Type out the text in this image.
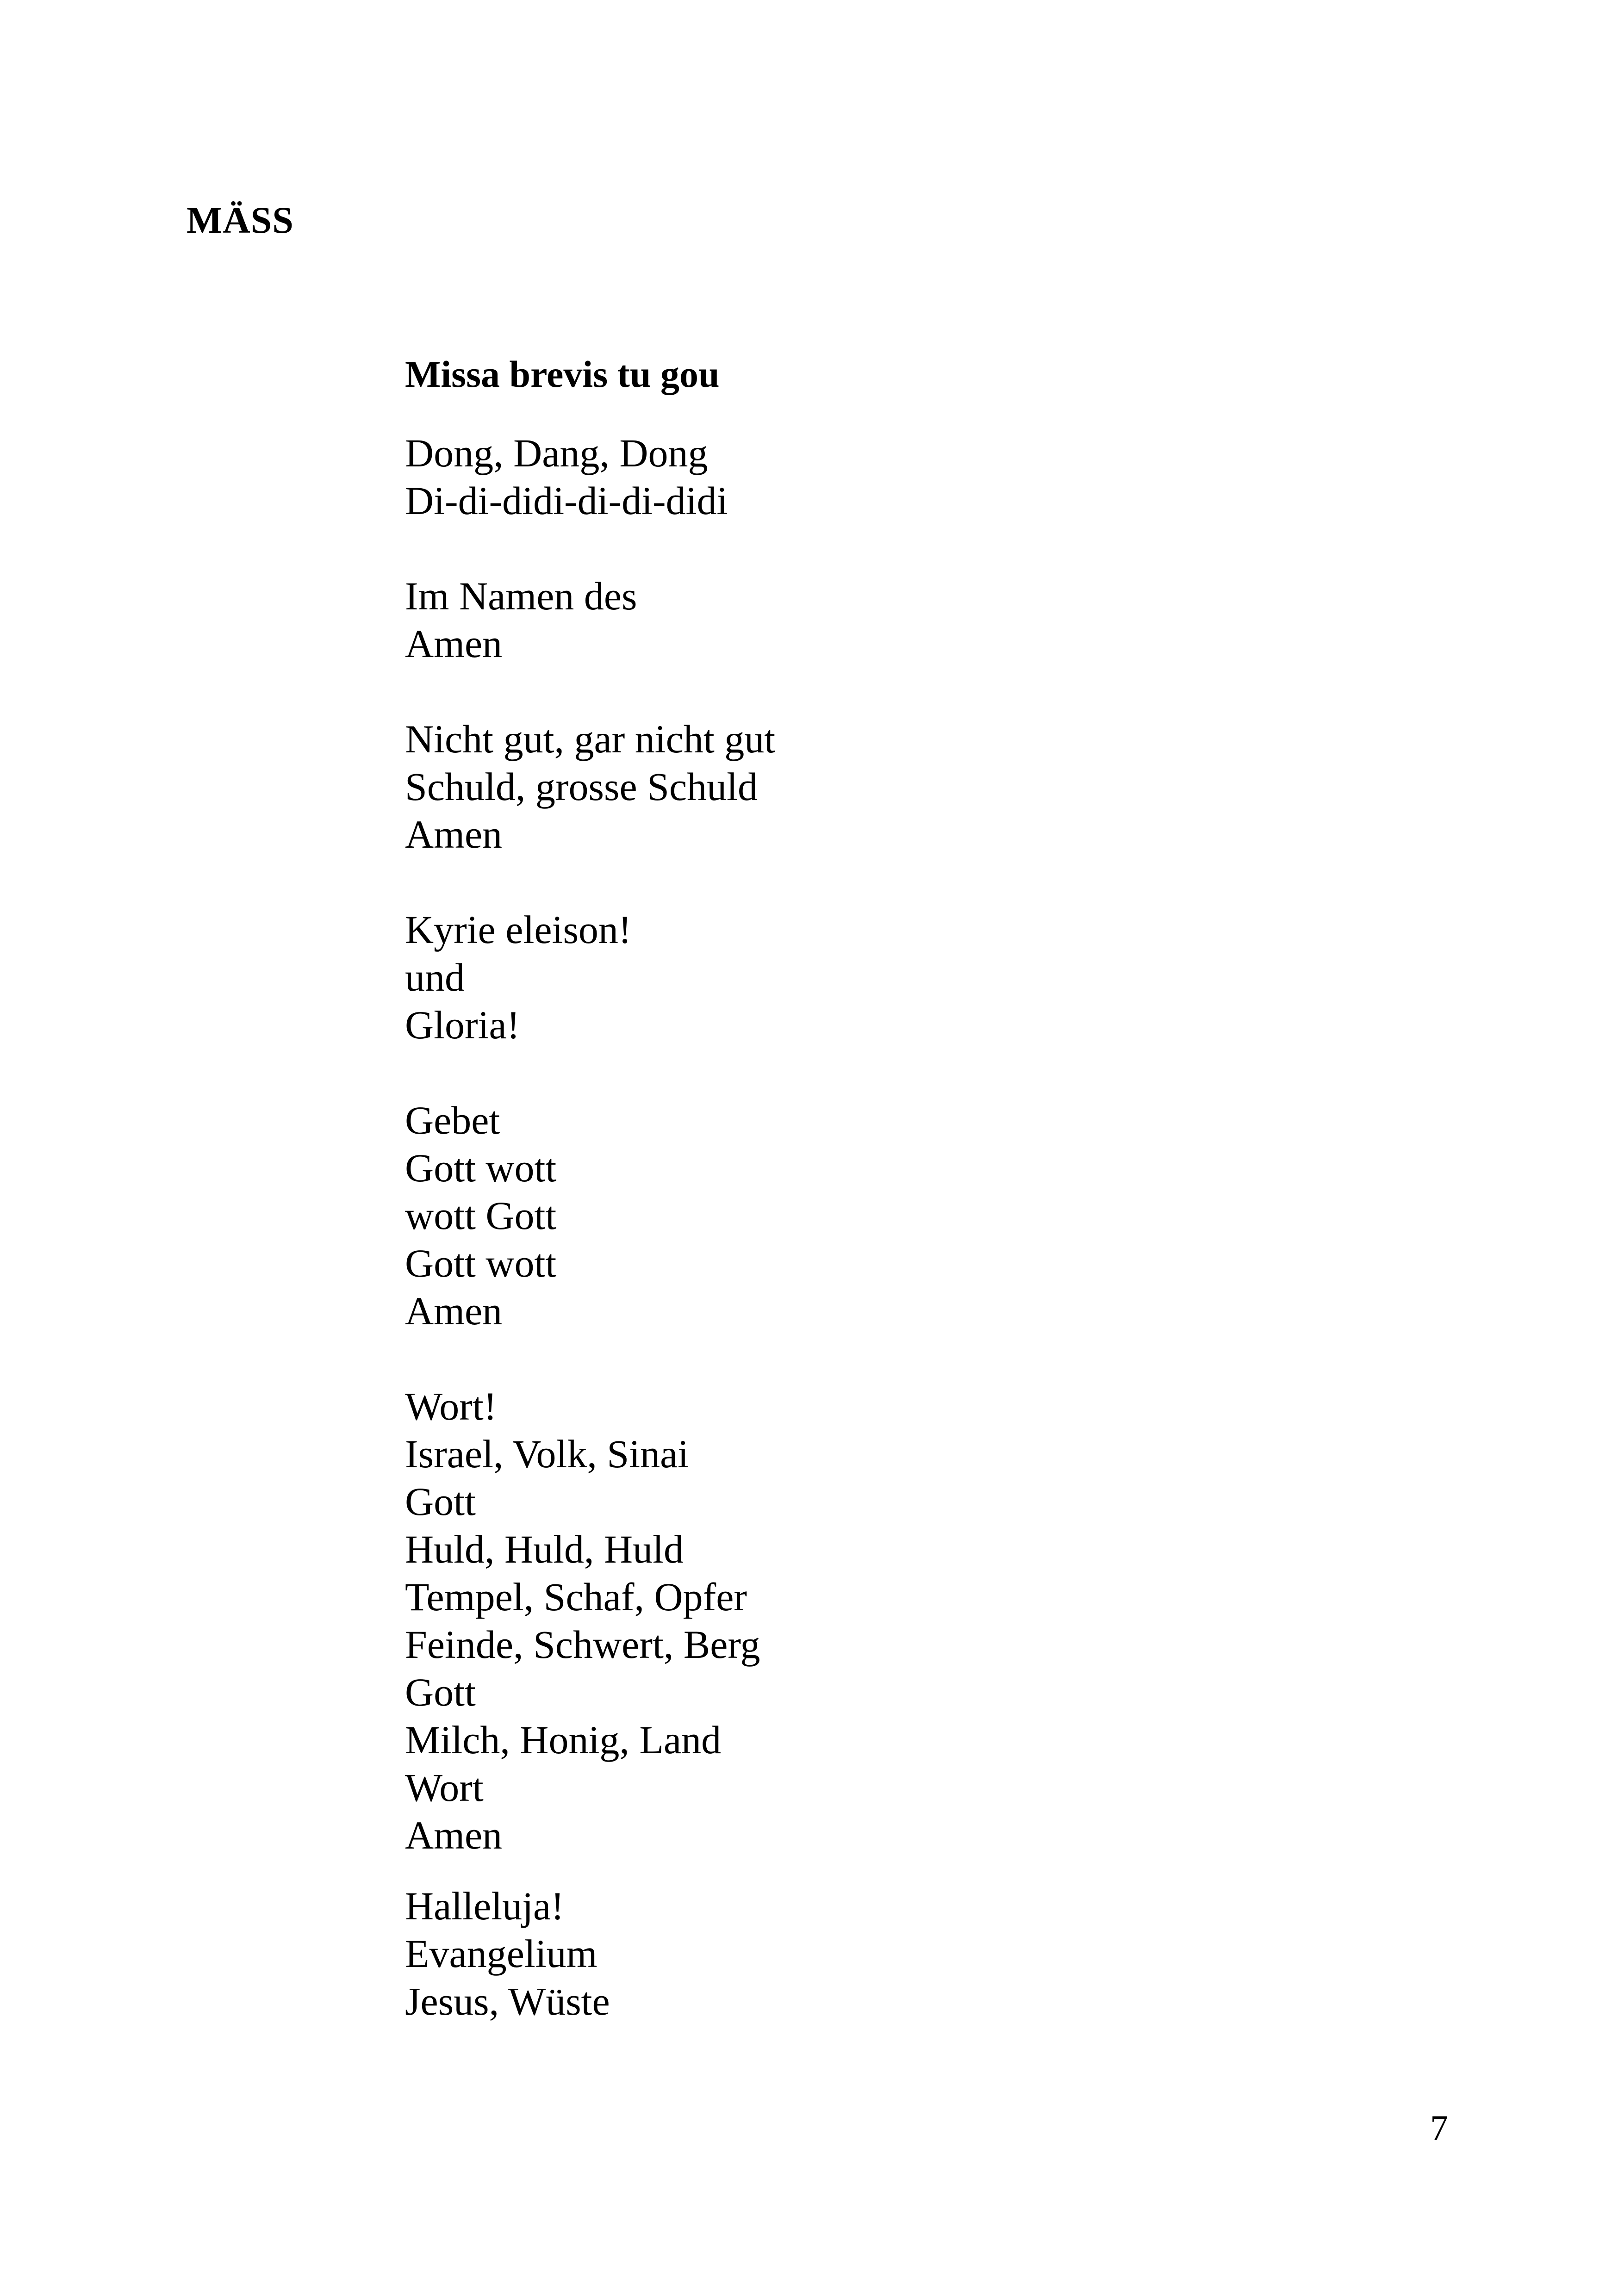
MÄSS
Missa brevis tu gou

Dong, Dang, Dong
Di-di-didi-di-di-didi

Im Namen des
Amen

Nicht gut, gar nicht gut
Schuld, grosse Schuld
Amen

Kyrie eleison!
und
Gloria!

Gebet
Gott wott
wott Gott
Gott wott
Amen

Wort!
Israel, Volk, Sinai
Gott
Huld, Huld, Huld
Tempel, Schaf, Opfer
Feinde, Schwert, Berg
Gott
Milch, Honig, Land
Wort
Amen

Halleluja!
Evangelium
Jesus, Wüste

7
